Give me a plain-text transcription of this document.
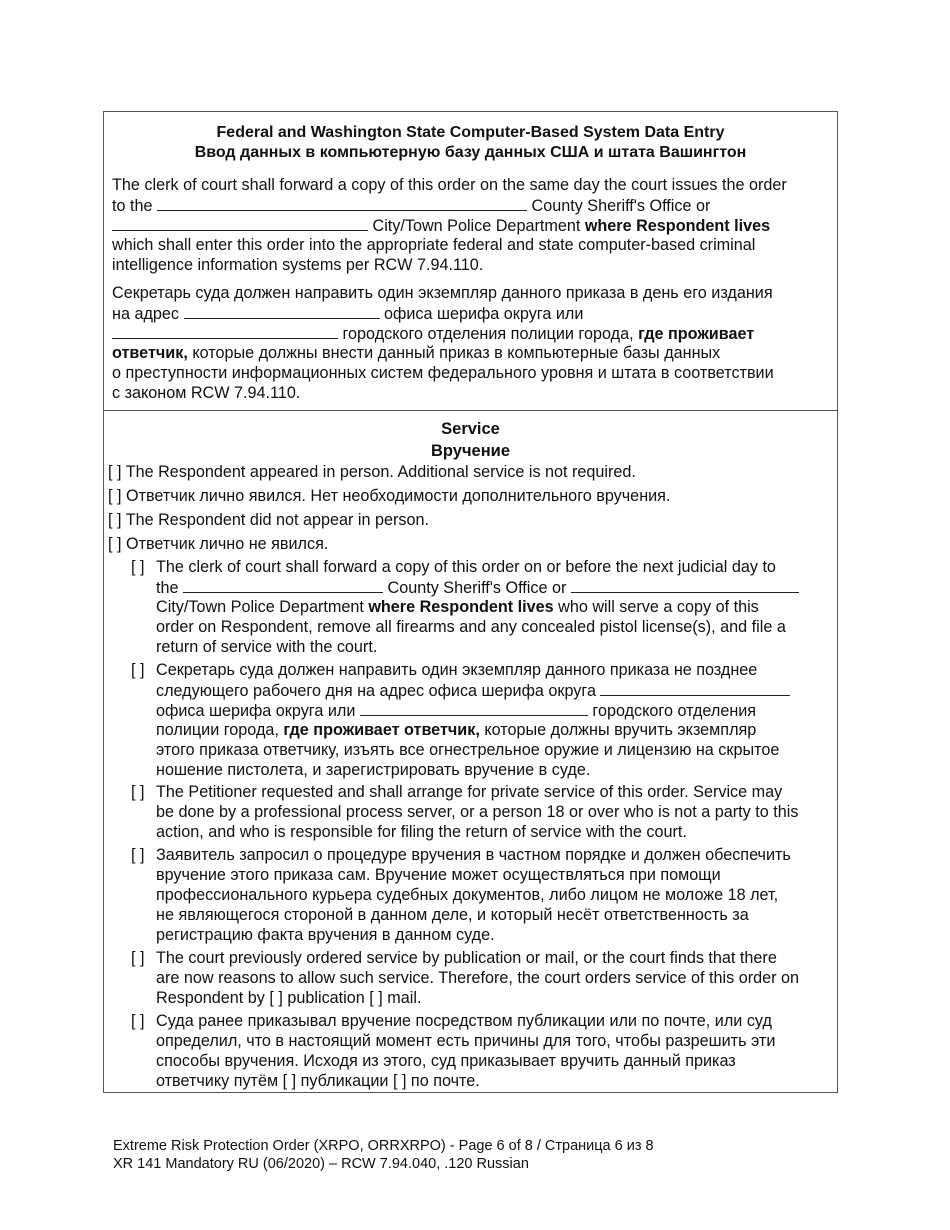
Federal and Washington State Computer-Based System Data Entry
Ввод данных в компьютерную базу данных США и штата Вашингтон
The clerk of court shall forward a copy of this order on the same day the court issues the order
to the	County Sheriff's Office or
City/Town Police Department where Respondent lives
which shall enter this order into the appropriate federal and state computer-based criminal
intelligence information systems per RCW 7.94.110.
Секретарь суда должен направить один экземпляр данного приказа в день его издания
на адрес	офиса шерифа округа или
городского отделения полиции города, где проживает
ответчик, которые должны внести данный приказ в компьютерные базы данных
о преступности информационных систем федерального уровня и штата в соответствии
с законом RCW 7.94.110.
Service
Вручение
[ ] The Respondent appeared in person. Additional service is not required.
[ ] Ответчик лично явился. Нет необходимости дополнительного вручения.
[ ] The Respondent did not appear in person.
[ ] Ответчик лично не явился.
[ ] The clerk of court shall forward a copy of this order on or before the next judicial day to
the	County Sheriff's Office or
City/Town Police Department where Respondent lives who will serve a copy of this
order on Respondent, remove all firearms and any concealed pistol license(s), and file a
return of service with the court.
[ ] Секретарь суда должен направить один экземпляр данного приказа не позднее
следующего рабочего дня на адрес офиса шерифа округа
офиса шерифа округа или	городского отделения
полиции города, где проживает ответчик, которые должны вручить экземпляр
этого приказа ответчику, изъять все огнестрельное оружие и лицензию на скрытое
ношение пистолета, и зарегистрировать вручение в суде.
[ ] The Petitioner requested and shall arrange for private service of this order. Service may
be done by a professional process server, or a person 18 or over who is not a party to this
action, and who is responsible for filing the return of service with the court.
[ ] Заявитель запросил о процедуре вручения в частном порядке и должен обеспечить
вручение этого приказа сам. Вручение может осуществляться при помощи
профессионального курьера судебных документов, либо лицом не моложе 18 лет,
не являющегося стороной в данном деле, и который несёт ответственность за
регистрацию факта вручения в данном суде.
[ ] The court previously ordered service by publication or mail, or the court finds that there
are now reasons to allow such service. Therefore, the court orders service of this order on
Respondent by [ ] publication [ ] mail.
[ ] Суда ранее приказывал вручение посредством публикации или по почте, или суд
определил, что в настоящий момент есть причины для того, чтобы разрешить эти
способы вручения. Исходя из этого, суд приказывает вручить данный приказ
ответчику путём [ ] публикации [ ] по почте.
Extreme Risk Protection Order (XRPO, ORRXRPO) - Page 6 of 8 / Страница 6 из 8
XR 141 Mandatory RU (06/2020) – RCW 7.94.040, .120 Russian
